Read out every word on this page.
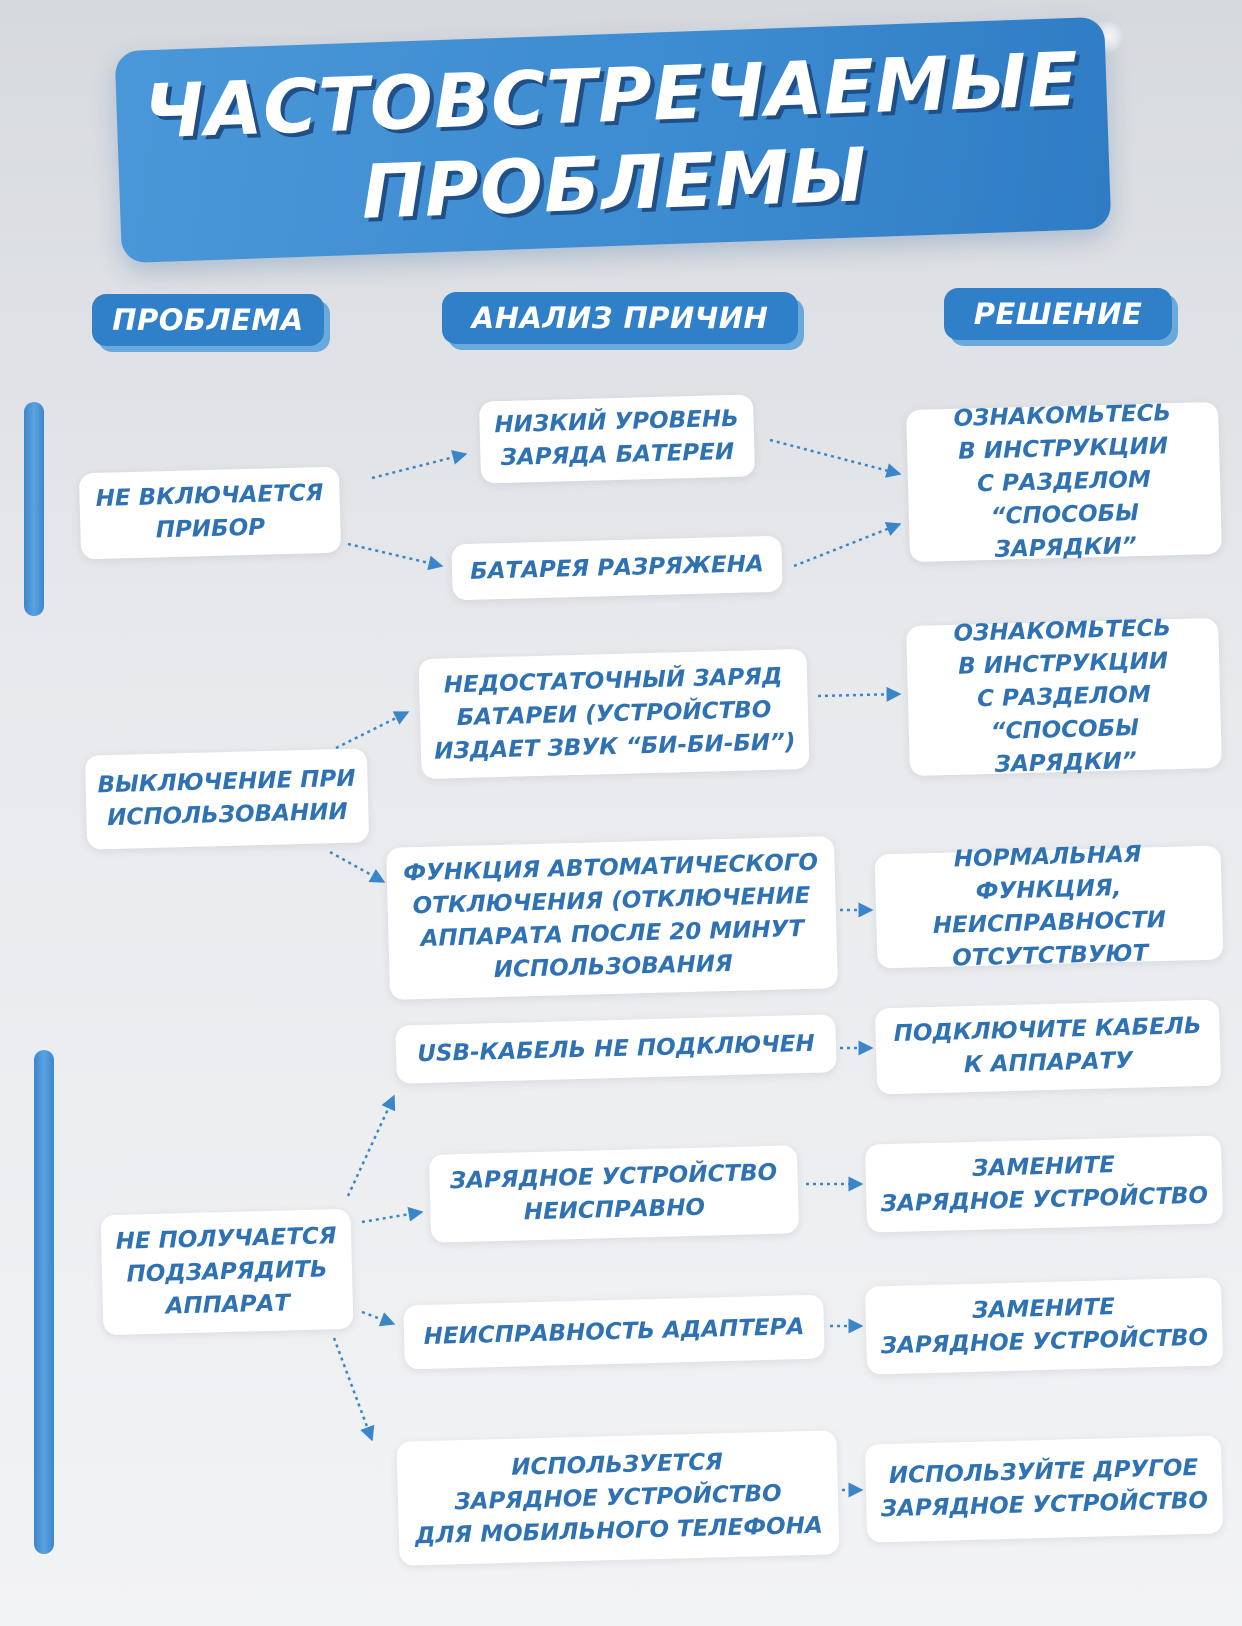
ЧАСТОВСТРЕЧАЕМЫЕ
ПРОБЛЕМЫ
ПРОБЛЕМА	АНАЛИЗ ПРИЧИН	РЕШЕНИЕ
НЕ ВКЛЮЧАЕТСЯ
ПРИБОР
НИЗКИЙ УРОВЕНЬ
ЗАРЯДА БАТЕРЕИ
БАТАРЕЯ РАЗРЯЖЕНА
ОЗНАКОМЬТЕСЬ
В ИНСТРУКЦИИ
С РАЗДЕЛОМ
“СПОСОБЫ ЗАРЯДКИ”
ВЫКЛЮЧЕНИЕ ПРИ
ИСПОЛЬЗОВАНИИ
НЕДОСТАТОЧНЫЙ ЗАРЯД
БАТАРЕИ (УСТРОЙСТВО
ИЗДАЕТ ЗВУК “БИ-БИ-БИ”)
ФУНКЦИЯ АВТОМАТИЧЕСКОГО
ОТКЛЮЧЕНИЯ (ОТКЛЮЧЕНИЕ
АППАРАТА ПОСЛЕ 20 МИНУТ
ИСПОЛЬЗОВАНИЯ
ОЗНАКОМЬТЕСЬ
В ИНСТРУКЦИИ
С РАЗДЕЛОМ
“СПОСОБЫ ЗАРЯДКИ”
НОРМАЛЬНАЯ ФУНКЦИЯ,
НЕИСПРАВНОСТИ
ОТСУТСТВУЮТ
НЕ ПОЛУЧАЕТСЯ
ПОДЗАРЯДИТЬ
АППАРАТ
USB-КАБЕЛЬ НЕ ПОДКЛЮЧЕН
ЗАРЯДНОЕ УСТРОЙСТВО
НЕИСПРАВНО
НЕИСПРАВНОСТЬ АДАПТЕРА
ИСПОЛЬЗУЕТСЯ
ЗАРЯДНОЕ УСТРОЙСТВО
ДЛЯ МОБИЛЬНОГО ТЕЛЕФОНА
ПОДКЛЮЧИТЕ КАБЕЛЬ
К АППАРАТУ
ЗАМЕНИТЕ
ЗАРЯДНОЕ УСТРОЙСТВО
ЗАМЕНИТЕ
ЗАРЯДНОЕ УСТРОЙСТВО
ИСПОЛЬЗУЙТЕ ДРУГОЕ
ЗАРЯДНОЕ УСТРОЙСТВО
